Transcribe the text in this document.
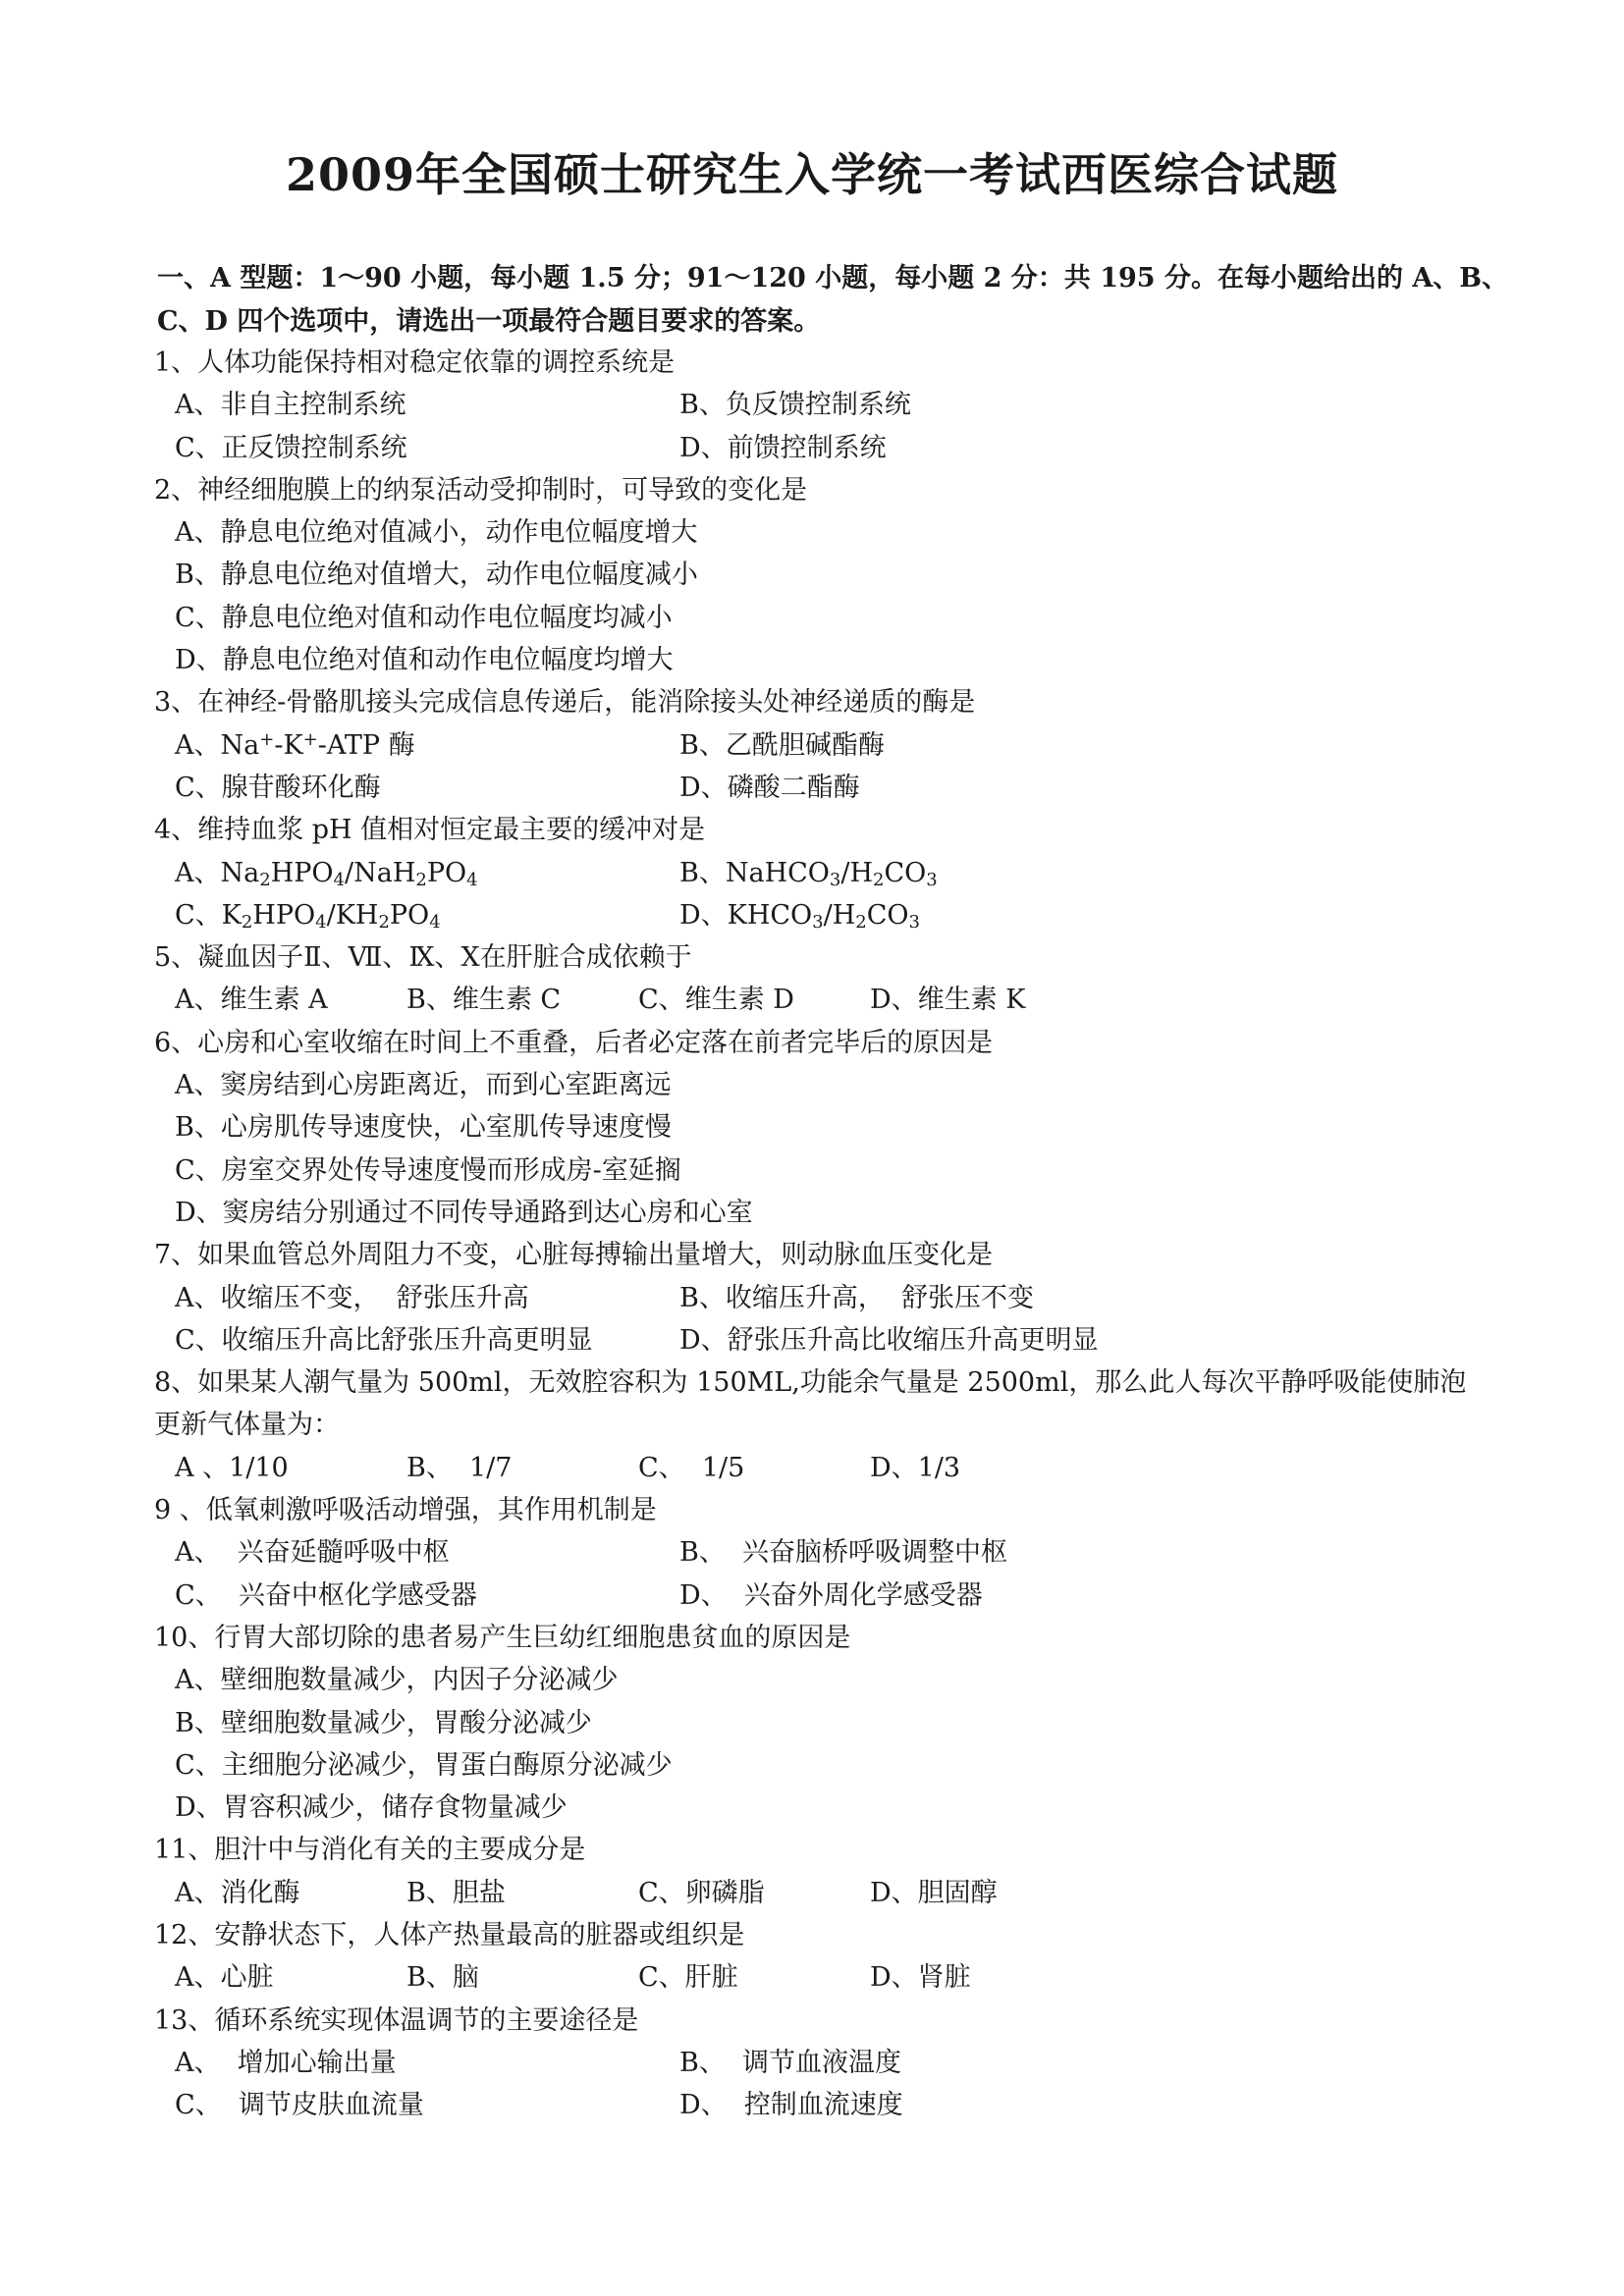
2009年全国硕士研究生入学统一考试西医综合试题
一、A 型题：1～90 小题，每小题 1.5 分；91～120 小题，每小题 2 分：共 195 分。在每小题给出的 A、B、
C、D 四个选项中，请选出一项最符合题目要求的答案。
1、人体功能保持相对稳定依靠的调控系统是
A、非自主控制系统	B、负反馈控制系统
C、正反馈控制系统	D、前馈控制系统
2、神经细胞膜上的纳泵活动受抑制时，可导致的变化是
A、静息电位绝对值减小，动作电位幅度增大
B、静息电位绝对值增大，动作电位幅度减小
C、静息电位绝对值和动作电位幅度均减小
D、静息电位绝对值和动作电位幅度均增大
3、在神经-骨骼肌接头完成信息传递后，能消除接头处神经递质的酶是
A、Na+-K+-ATP 酶	B、乙酰胆碱酯酶
C、腺苷酸环化酶	D、磷酸二酯酶
4、维持血浆 pH 值相对恒定最主要的缓冲对是
A、$Na_2HPO_4/NaH_2PO_4$	B、$NaHCO_3/H_2CO_3$
C、$K_2HPO_4/KH_2PO_4$	D、$KHCO_3/H_2CO_3$
5、凝血因子Ⅱ、Ⅶ、Ⅸ、Ⅹ在肝脏合成依赖于
A、维生素 A	B、维生素 C	C、维生素 D	D、维生素 K
6、心房和心室收缩在时间上不重叠，后者必定落在前者完毕后的原因是
A、窦房结到心房距离近，而到心室距离远
B、心房肌传导速度快，心室肌传导速度慢
C、房室交界处传导速度慢而形成房-室延搁
D、窦房结分别通过不同传导通路到达心房和心室
7、如果血管总外周阻力不变，心脏每搏输出量增大，则动脉血压变化是
A、收缩压不变，  舒张压升高	B、收缩压升高，  舒张压不变
C、收缩压升高比舒张压升高更明显	D、舒张压升高比收缩压升高更明显
8、如果某人潮气量为 500ml，无效腔容积为 150ML,功能余气量是 2500ml，那么此人每次平静呼吸能使肺泡更新气体量为：
A 、1/10	B、  1/7	C、  1/5	D、1/3
9 、低氧刺激呼吸活动增强，其作用机制是
A、  兴奋延髓呼吸中枢	B、  兴奋脑桥呼吸调整中枢
C、  兴奋中枢化学感受器	D、  兴奋外周化学感受器
10、行胃大部切除的患者易产生巨幼红细胞患贫血的原因是
A、壁细胞数量减少，内因子分泌减少
B、壁细胞数量减少，胃酸分泌减少
C、主细胞分泌减少，胃蛋白酶原分泌减少
D、胃容积减少，储存食物量减少
11、胆汁中与消化有关的主要成分是
A、消化酶	B、胆盐	C、卵磷脂	D、胆固醇
12、安静状态下，人体产热量最高的脏器或组织是
A、心脏	B、脑	C、肝脏	D、肾脏
13、循环系统实现体温调节的主要途径是
A、  增加心输出量	B、  调节血液温度
C、  调节皮肤血流量	D、  控制血流速度
